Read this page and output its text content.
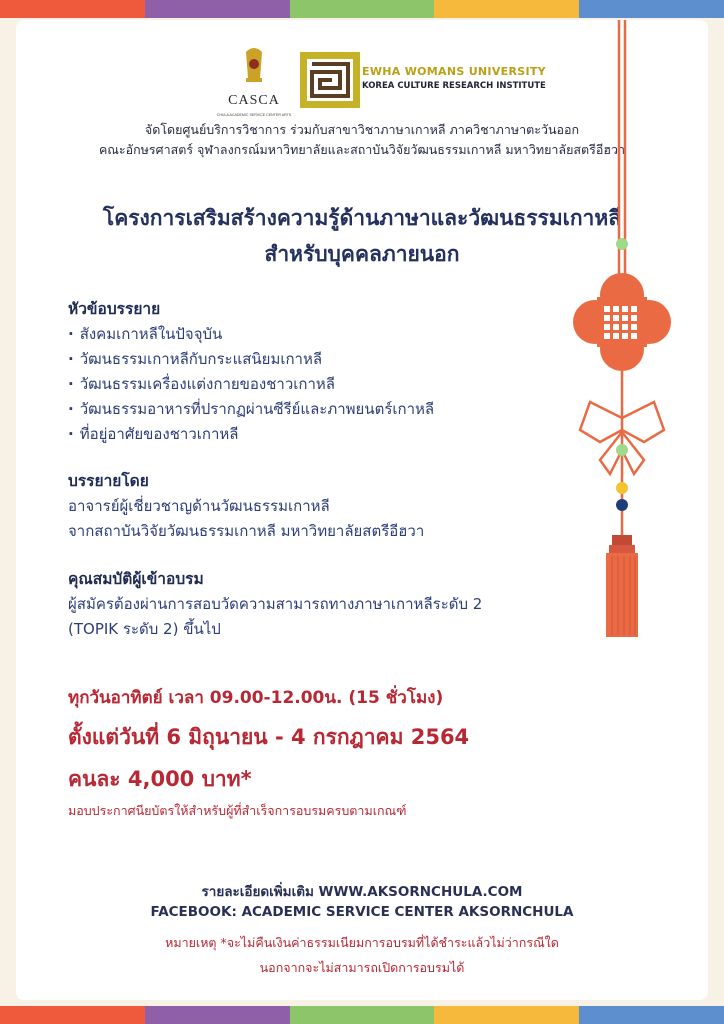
CASCA
CHULA ACADEMIC SERVICE CENTER ARTS
EWHA WOMANS UNIVERSITY
KOREA CULTURE RESEARCH INSTITUTE
จัดโดยศูนย์บริการวิชาการ ร่วมกับสาขาวิชาภาษาเกาหลี ภาควิชาภาษาตะวันออก
คณะอักษรศาสตร์ จุฬาลงกรณ์มหาวิทยาลัยและสถาบันวิจัยวัฒนธรรมเกาหลี มหาวิทยาลัยสตรีอีฮวา
โครงการเสริมสร้างความรู้ด้านภาษาและวัฒนธรรมเกาหลี
สำหรับบุคคลภายนอก
หัวข้อบรรยาย
· สังคมเกาหลีในปัจจุบัน
· วัฒนธรรมเกาหลีกับกระแสนิยมเกาหลี
· วัฒนธรรมเครื่องแต่งกายของชาวเกาหลี
· วัฒนธรรมอาหารที่ปรากฏผ่านซีรีย์และภาพยนตร์เกาหลี
· ที่อยู่อาศัยของชาวเกาหลี
บรรยายโดย
อาจารย์ผู้เชี่ยวชาญด้านวัฒนธรรมเกาหลี
จากสถาบันวิจัยวัฒนธรรมเกาหลี มหาวิทยาลัยสตรีอีฮวา
คุณสมบัติผู้เข้าอบรม
ผู้สมัครต้องผ่านการสอบวัดความสามารถทางภาษาเกาหลีระดับ 2
(TOPIK ระดับ 2) ขึ้นไป
ทุกวันอาทิตย์ เวลา 09.00-12.00น. (15 ชั่วโมง)
ตั้งแต่วันที่ 6 มิถุนายน - 4 กรกฎาคม 2564
คนละ 4,000 บาท*
มอบประกาศนียบัตรให้สำหรับผู้ที่สำเร็จการอบรมครบตามเกณฑ์
รายละเอียดเพิ่มเติม WWW.AKSORNCHULA.COM
FACEBOOK: ACADEMIC SERVICE CENTER AKSORNCHULA
หมายเหตุ *จะไม่คืนเงินค่าธรรมเนียมการอบรมที่ได้ชำระแล้วไม่ว่ากรณีใด
นอกจากจะไม่สามารถเปิดการอบรมได้
